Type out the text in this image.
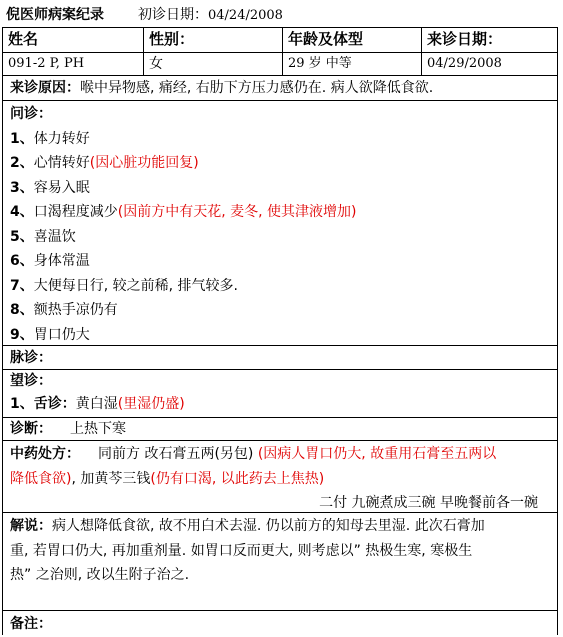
倪医师病案纪录 初诊日期：04/24/2008
姓名	性别：	年龄及体型	来诊日期：
091-2 P, PH	女	29 岁 中等	04/29/2008
来诊原因：喉中异物感, 痛经, 右肋下方压力感仍在. 病人欲降低食欲.
问诊：
1、体力转好
2、心情转好(因心脏功能回复)
3、容易入眠
4、口渴程度减少(因前方中有天花, 麦冬, 使其津液增加)
5、喜温饮
6、身体常温
7、大便每日行, 较之前稀, 排气较多.
8、额热手凉仍有
9、胃口仍大
脉诊：
望诊：
1、舌诊：黄白湿(里湿仍盛)
诊断： 上热下寒
中药处方： 同前方 改石膏五两(另包) (因病人胃口仍大, 故重用石膏至五两以
降低食欲), 加黄芩三钱(仍有口渴, 以此药去上焦热)
二付 九碗煮成三碗 早晚餐前各一碗
解说：病人想降低食欲, 故不用白术去湿. 仍以前方的知母去里湿. 此次石膏加
重, 若胃口仍大, 再加重剂量. 如胃口反而更大, 则考虑以” 热极生寒, 寒极生
热” 之治则, 改以生附子治之.
备注：
